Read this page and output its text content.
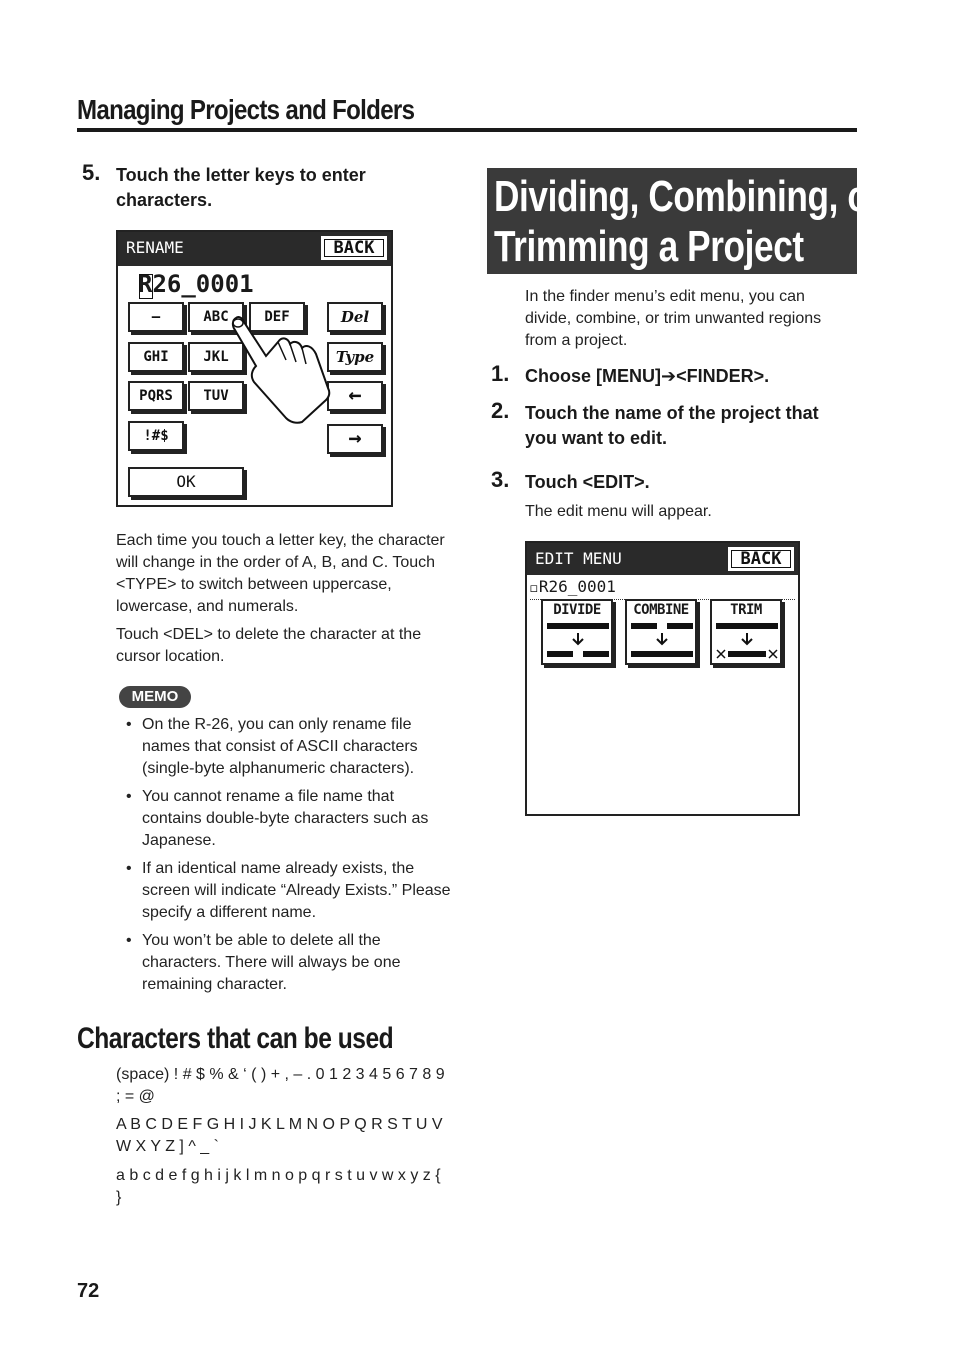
Managing Projects and Folders
5. Touch the letter keys to enter characters.
RENAME	BACK
R26_0001
–	ABC	DEF	Del
GHI	JKL	Type
PQRS	TUV	←
!#$	→
OK

Each time you touch a letter key, the character will change in the order of A, B, and C. Touch <TYPE> to switch between uppercase, lowercase, and numerals.

Touch <DEL> to delete the character at the cursor location.

MEMO
• On the R-26, you can only rename file names that consist of ASCII characters (single-byte alphanumeric characters).
• You cannot rename a file name that contains double-byte characters such as Japanese.
• If an identical name already exists, the screen will indicate “Already Exists.” Please specify a different name.
• You won’t be able to delete all the characters. There will always be one remaining character.
Characters that can be used

(space) ! # $ % & ‘ ( ) + , – . 0 1 2 3 4 5 6 7 8 9 ; = @

A B C D E F G H I J K L M N O P Q R S T U V W X Y Z ] ^ _ `

a b c d e f g h i j k l m n o p q r s t u v w x y z { }

Dividing, Combining, or
Trimming a Project
In the finder menu’s edit menu, you can divide, combine, or trim unwanted regions from a project.
1. Choose [MENU]➔<FINDER>.
2. Touch the name of the project that you want to edit.
3. Touch <EDIT>.
The edit menu will appear.
EDIT MENU	BACK
◻R26_0001
DIVIDE	COMBINE	TRIM
72
